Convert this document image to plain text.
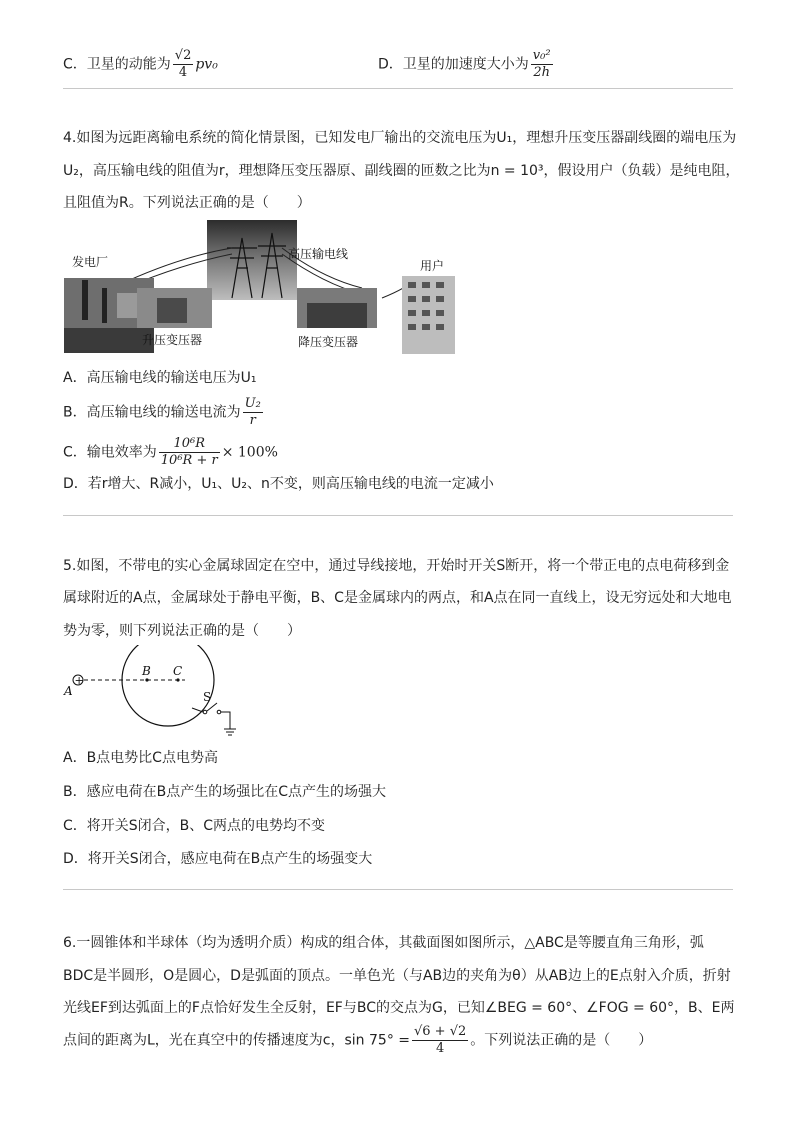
C．卫星的动能为 $\frac{√2}{4} pv_0$	D．卫星的加速度大小为 $\frac{\text{v₀²}}{2h}$
4.如图为远距离输电系统的简化情景图，已知发电厂输出的交流电压为U₁，理想升压变压器副线圈的端电压为
U₂，高压输电线的阻值为r，理想降压变压器原、副线圈的匝数之比为n = 10³，假设用户（负载）是纯电阻，
且阻值为R。下列说法正确的是（　　）
发电厂
升压变压器
高压输电线
降压变压器
用户
A．高压输电线的输送电压为U₁
B．高压输电线的输送电流为 $\frac{\text{U₂}}{r}$
C．输电效率为 $\frac{\text{10⁶R}}{\text{10⁶R + r}} \times 100\%$
D．若r增大、R减小，U₁、U₂、n不变，则高压输电线的电流一定减小
5.如图，不带电的实心金属球固定在空中，通过导线接地，开始时开关S断开，将一个带正电的点电荷移到金
属球附近的A点，金属球处于静电平衡，B、C是金属球内的两点，和A点在同一直线上，设无穷远处和大地电
势为零，则下列说法正确的是（　　）
+
A
B C
S
A．B点电势比C点电势高
B．感应电荷在B点产生的场强比在C点产生的场强大
C．将开关S闭合，B、C两点的电势均不变
D．将开关S闭合，感应电荷在B点产生的场强变大
6.一圆锥体和半球体（均为透明介质）构成的组合体，其截面图如图所示，△ABC是等腰直角三角形，弧
BDC是半圆形，O是圆心，D是弧面的顶点。一单色光（与AB边的夹角为θ）从AB边上的E点射入介质，折射
光线EF到达弧面上的F点恰好发生全反射，EF与BC的交点为G，已知∠BEG = 60°、∠FOG = 60°，B、E两
点间的距离为L，光在真空中的传播速度为c，$\sin 75^\circ = \frac{√6 + √2}{4}$ 。下列说法正确的是（　　）
